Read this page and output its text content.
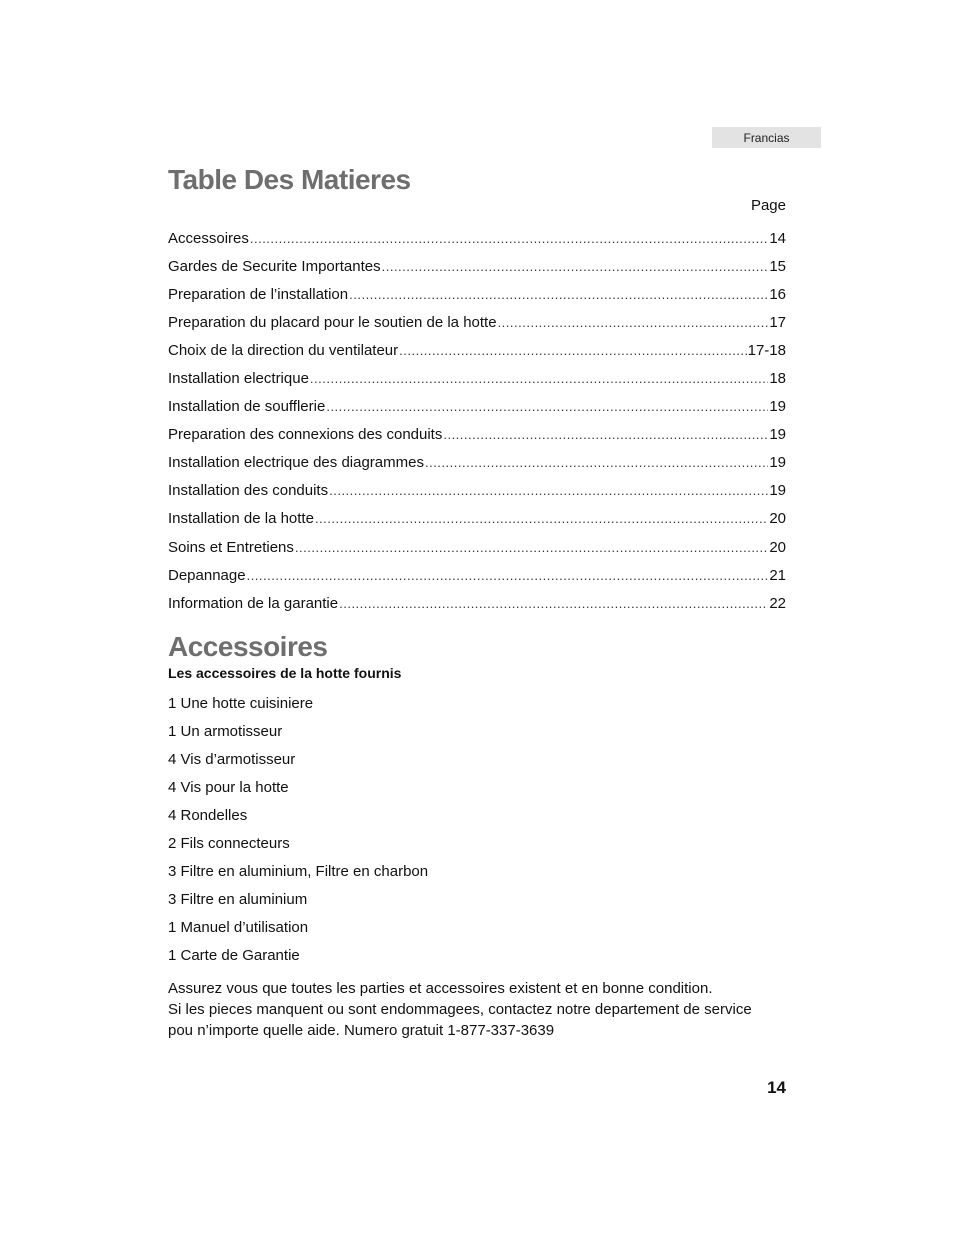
Francias
Table Des Matieres
Page
Accessoires .....	14
Gardes de Securite Importantes .....	15
Preparation de l’installation .....	16
Preparation du placard pour le soutien de la hotte .....	17
Choix de la direction du ventilateur .....	17-18
Installation electrique .....	18
Installation de soufflerie .....	19
Preparation des connexions des conduits .....	19
Installation electrique des diagrammes .....	19
Installation des conduits .....	19
Installation de la hotte .....	20
Soins et Entretiens .....	20
Depannage .....	21
Information de la garantie .....	22
Accessoires
Les accessoires de la hotte fournis
1 Une hotte cuisiniere
1 Un armotisseur
4 Vis d’armotisseur
4 Vis pour la hotte
4 Rondelles
2 Fils connecteurs
3 Filtre en aluminium, Filtre en charbon
3 Filtre en aluminium
1 Manuel d’utilisation
1 Carte de Garantie
Assurez vous que toutes les parties et accessoires existent et en bonne condition.
Si les pieces manquent ou sont endommagees, contactez notre departement de service
pou n’importe quelle aide. Numero gratuit 1-877-337-3639
14
